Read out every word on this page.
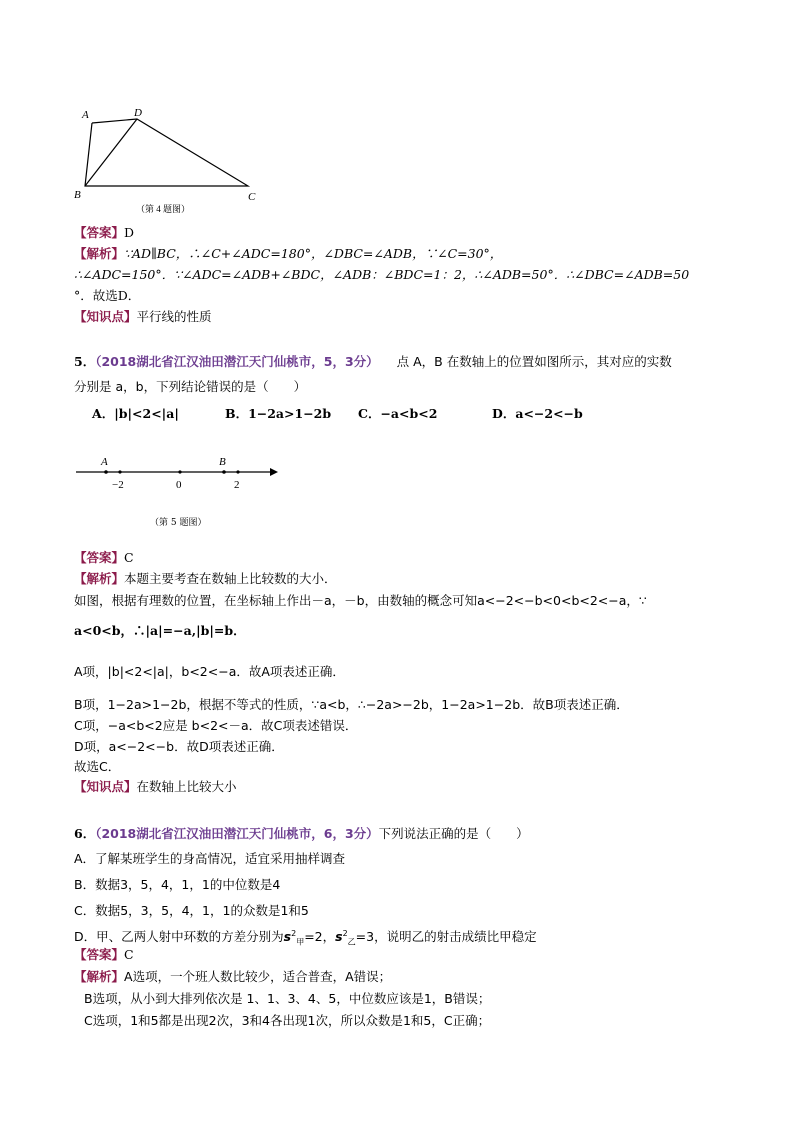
A	D
B	C
（第 4 题图）
【答案】D
【解析】∵AD∥BC，∴∠C+∠ADC=180°，∠DBC=∠ADB，∵∠C=30°，
∴∠ADC=150°．∵∠ADC=∠ADB+∠BDC，∠ADB：∠BDC=1：2，∴∠ADB=50°．∴∠DBC=∠ADB=50
°．故选D．
【知识点】平行线的性质
5．（2018湖北省江汉油田潜江天门仙桃市，5，3分） 点 A，B 在数轴上的位置如图所示，其对应的实数
分别是 a，b，下列结论错误的是（　　）
A．|b|<2<|a|	B．1−2a>1−2b C．−a<b<2	D．a<−2<−b
A	B
−2	0	2
（第 5 题图）
【答案】C
【解析】本题主要考查在数轴上比较数的大小．
如图，根据有理数的位置，在坐标轴上作出－a，－b，由数轴的概念可知a<−2<−b<0<b<2<−a，∵
a<0<b，∴|a|=−a,|b|=b．
A项，|b|<2<|a|，b<2<−a．故A项表述正确．
B项，1−2a>1−2b，根据不等式的性质，∵a<b，∴−2a>−2b，1−2a>1−2b．故B项表述正确．
C项，−a<b<2应是 b<2<－a．故C项表述错误．
D项，a<−2<−b．故D项表述正确．
故选C．
【知识点】在数轴上比较大小
6．（2018湖北省江汉油田潜江天门仙桃市，6，3分）下列说法正确的是（　　）
A．了解某班学生的身高情况，适宜采用抽样调查
B．数据3，5，4，1，1的中位数是4
C．数据5，3，5，4，1，1的众数是1和5
D．甲、乙两人射中环数的方差分别为$s^2_甲=2$，$s^2_乙=3$，说明乙的射击成绩比甲稳定
【答案】C
【解析】A选项，一个班人数比较少，适合普查，A错误；
B选项，从小到大排列依次是 1、1、3、4、5，中位数应该是1，B错误；
C选项，1和5都是出现2次，3和4各出现1次，所以众数是1和5，C正确；
